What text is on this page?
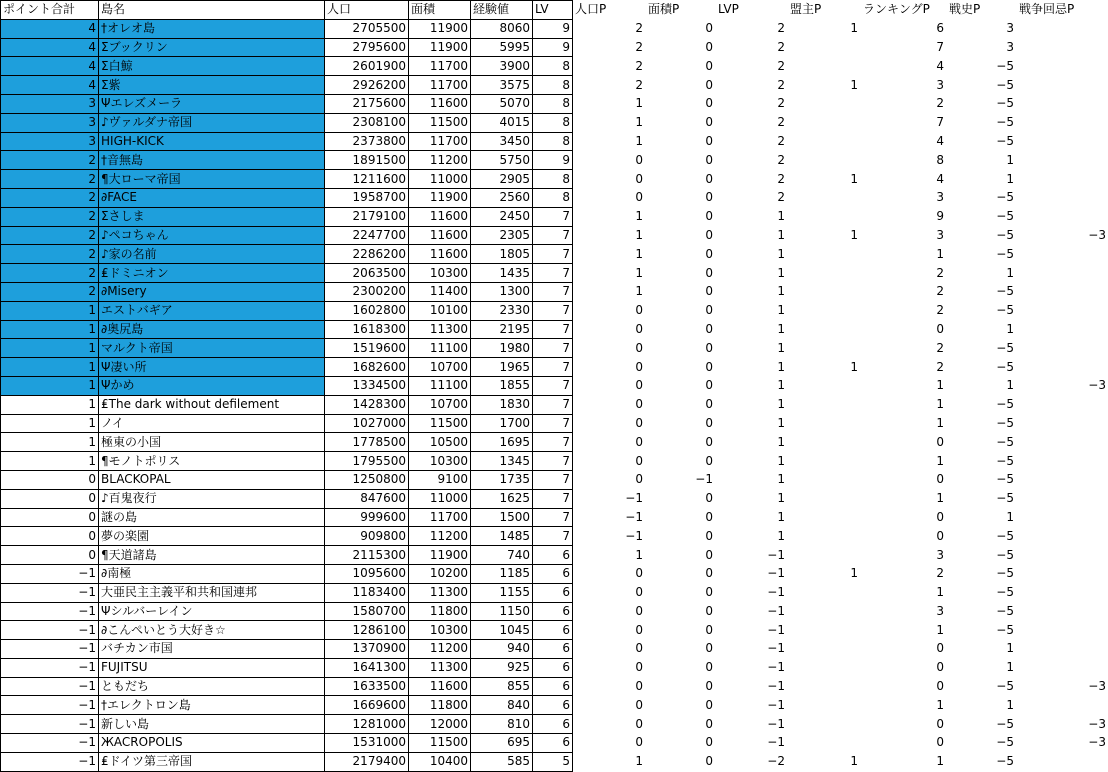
ポイント合計	島名	人口	面積	経験値	LV	人口P	面積P	LVP	盟主P	ランキングP	戦史P	戦争回忌P
4	†オレオ島	2705500	11900	8060	9	2	0	2	1	6	3	
4	Σブックリン	2795600	11900	5995	9	2	0	2		7	3	
4	Σ白鯨	2601900	11700	3900	8	2	0	2		4	−5	
4	Σ紫	2926200	11700	3575	8	2	0	2	1	3	−5	
3	Ψエレズメーラ	2175600	11600	5070	8	1	0	2		2	−5	
3	♪ヴァルダナ帝国	2308100	11500	4015	8	1	0	2		7	−5	
3	HIGH-KICK	2373800	11700	3450	8	1	0	2		4	−5	
2	†音無島	1891500	11200	5750	9	0	0	2		8	1	
2	¶大ローマ帝国	1211600	11000	2905	8	0	0	2	1	4	1	
2	∂FACE	1958700	11900	2560	8	0	0	2		3	−5	
2	Σさしま	2179100	11600	2450	7	1	0	1		9	−5	
2	♪ペコちゃん	2247700	11600	2305	7	1	0	1	1	3	−5	−3
2	♪家の名前	2286200	11600	1805	7	1	0	1		1	−5	
2	₤ドミニオン	2063500	10300	1435	7	1	0	1		2	1	
2	∂Misery	2300200	11400	1300	7	1	0	1		2	−5	
1	エストバギア	1602800	10100	2330	7	0	0	1		2	−5	
1	∂奥尻島	1618300	11300	2195	7	0	0	1		0	1	
1	マルクト帝国	1519600	11100	1980	7	0	0	1		2	−5	
1	Ψ凄い所	1682600	10700	1965	7	0	0	1	1	2	−5	
1	Ψかめ	1334500	11100	1855	7	0	0	1		1	1	−3
1	₤The dark without defilement	1428300	10700	1830	7	0	0	1		1	−5	
1	ノイ	1027000	11500	1700	7	0	0	1		1	−5	
1	極東の小国	1778500	10500	1695	7	0	0	1		0	−5	
1	¶モノトポリス	1795500	10300	1345	7	0	0	1		1	−5	
0	BLACKOPAL	1250800	9100	1735	7	0	−1	1		0	−5	
0	♪百鬼夜行	847600	11000	1625	7	−1	0	1		1	−5	
0	謎の島	999600	11700	1500	7	−1	0	1		0	1	
0	夢の楽園	909800	11200	1485	7	−1	0	1		0	−5	
0	¶天道諸島	2115300	11900	740	6	1	0	−1		3	−5	
−1	∂南極	1095600	10200	1185	6	0	0	−1	1	2	−5	
−1	大亜民主主義平和共和国連邦	1183400	11300	1155	6	0	0	−1		1	−5	
−1	Ψシルバーレイン	1580700	11800	1150	6	0	0	−1		3	−5	
−1	∂こんぺいとう大好き☆	1286100	10300	1045	6	0	0	−1		1	−5	
−1	バチカン市国	1370900	11200	940	6	0	0	−1		0	1	
−1	FUJITSU	1641300	11300	925	6	0	0	−1		0	1	
−1	ともだち	1633500	11600	855	6	0	0	−1		0	−5	−3
−1	†エレクトロン島	1669600	11800	840	6	0	0	−1		1	1	
−1	新しい島	1281000	12000	810	6	0	0	−1		0	−5	−3
−1	ЖACROPOLIS	1531000	11500	695	6	0	0	−1		0	−5	−3
−1	₤ドイツ第三帝国	2179400	10400	585	5	1	0	−2	1	1	−5	
